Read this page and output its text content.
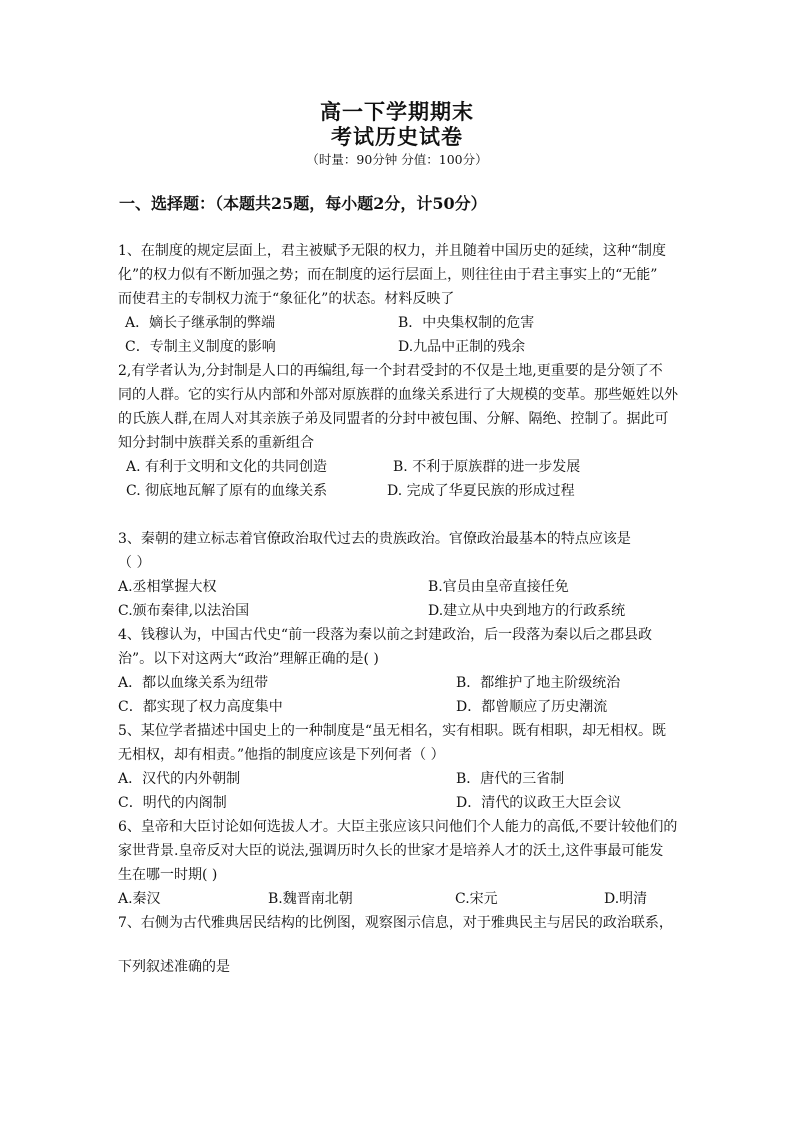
高一下学期期末
考试历史试卷
（时量：90分钟 分值：100分）
一、选择题：（本题共25题，每小题2分，计50分）
1、在制度的规定层面上，君主被赋予无限的权力，并且随着中国历史的延续，这种“制度
化”的权力似有不断加强之势；而在制度的运行层面上，则往往由于君主事实上的“无能”
而使君主的专制权力流于“象征化”的状态。材料反映了
A．嫡长子继承制的弊端	B．中央集权制的危害
C．专制主义制度的影响	D.九品中正制的残余
2,有学者认为,分封制是人口的再编组,每一个封君受封的不仅是土地,更重要的是分领了不
同的人群。它的实行从内部和外部对原族群的血缘关系进行了大规模的变革。那些姬姓以外
的氏族人群,在周人对其亲族子弟及同盟者的分封中被包围、分解、隔绝、控制了。据此可
知分封制中族群关系的重新组合
A. 有利于文明和文化的共同创造	B. 不利于原族群的进一步发展
C. 彻底地瓦解了原有的血缘关系	D. 完成了华夏民族的形成过程
3、秦朝的建立标志着官僚政治取代过去的贵族政治。官僚政治最基本的特点应该是
（ ）
A.丞相掌握大权	B.官员由皇帝直接任免
C.颁布秦律,以法治国	D.建立从中央到地方的行政系统
4、钱穆认为，中国古代史“前一段落为秦以前之封建政治，后一段落为秦以后之郡县政
治”。以下对这两大“政治”理解正确的是( )
A．都以血缘关系为纽带	B．都维护了地主阶级统治
C．都实现了权力高度集中	D．都曾顺应了历史潮流
5、某位学者描述中国史上的一种制度是“虽无相名，实有相职。既有相职，却无相权。既
无相权，却有相责。”他指的制度应该是下列何者（ ）
A．汉代的内外朝制	B．唐代的三省制
C．明代的内阁制	D．清代的议政王大臣会议
6、皇帝和大臣讨论如何选拔人才。大臣主张应该只问他们个人能力的高低,不要计较他们的
家世背景.皇帝反对大臣的说法,强调历时久长的世家才是培养人才的沃土,这件事最可能发
生在哪一时期( )
A.秦汉	B.魏晋南北朝	C.宋元	D.明清
7、右侧为古代雅典居民结构的比例图，观察图示信息，对于雅典民主与居民的政治联系，
下列叙述准确的是
